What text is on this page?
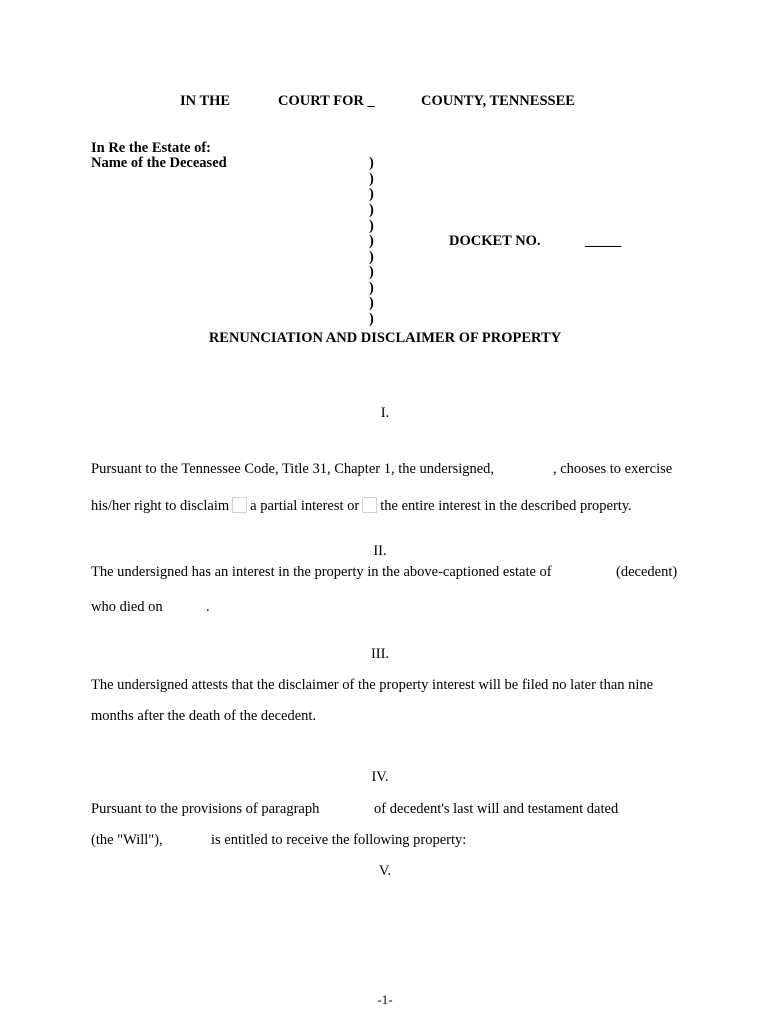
IN THE	COURT FOR _	COUNTY, TENNESSEE
In Re the Estate of:
Name of the Deceased	)
)
)
)
)
)
)
)
)
)
)
DOCKET NO.	_____
RENUNCIATION AND DISCLAIMER OF PROPERTY
I.
Pursuant to the Tennessee Code, Title 31, Chapter 1, the undersigned,	, chooses to exercise
his/her right to disclaim a partial interest or the entire interest in the described property.
II.
The undersigned has an interest in the property in the above-captioned estate of	(decedent)
who died on	.
III.
The undersigned attests that the disclaimer of the property interest will be filed no later than nine
months after the death of the decedent.
IV.
Pursuant to the provisions of paragraph	of decedent's last will and testament dated
(the "Will"),	is entitled to receive the following property:
V.
-1-
